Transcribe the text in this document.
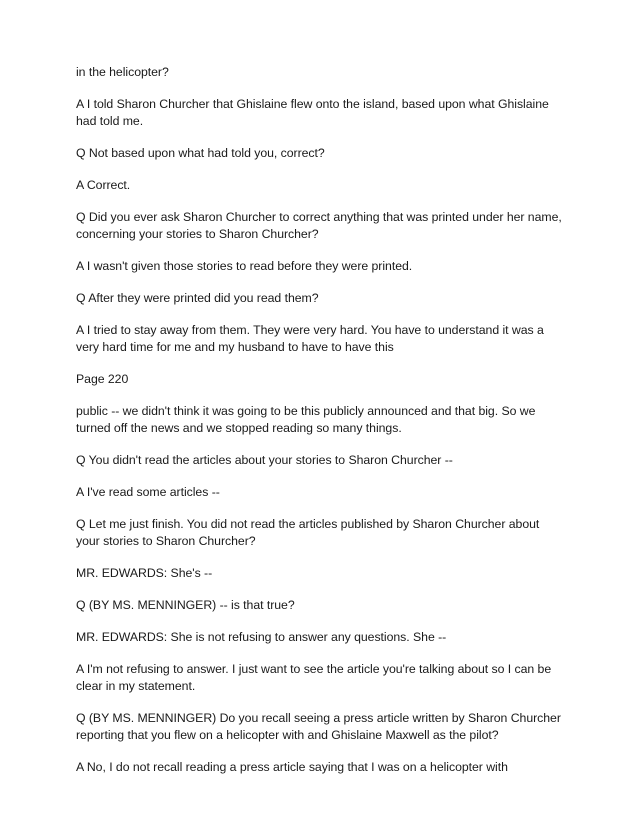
in the helicopter?

A I told Sharon Churcher that Ghislaine flew onto the island, based upon what Ghislaine had told me.

Q Not based upon what had told you, correct?

A Correct.

Q Did you ever ask Sharon Churcher to correct anything that was printed under her name, concerning your stories to Sharon Churcher?

A I wasn't given those stories to read before they were printed.

Q After they were printed did you read them?

A I tried to stay away from them. They were very hard. You have to understand it was a very hard time for me and my husband to have to have this

Page 220

public -- we didn't think it was going to be this publicly announced and that big. So we turned off the news and we stopped reading so many things.

Q You didn't read the articles about your stories to Sharon Churcher --

A I've read some articles --

Q Let me just finish. You did not read the articles published by Sharon Churcher about your stories to Sharon Churcher?

MR. EDWARDS: She's --

Q (BY MS. MENNINGER) -- is that true?

MR. EDWARDS: She is not refusing to answer any questions. She --

A I'm not refusing to answer. I just want to see the article you're talking about so I can be clear in my statement.

Q (BY MS. MENNINGER) Do you recall seeing a press article written by Sharon Churcher reporting that you flew on a helicopter with and Ghislaine Maxwell as the pilot?

A No, I do not recall reading a press article saying that I was on a helicopter with
